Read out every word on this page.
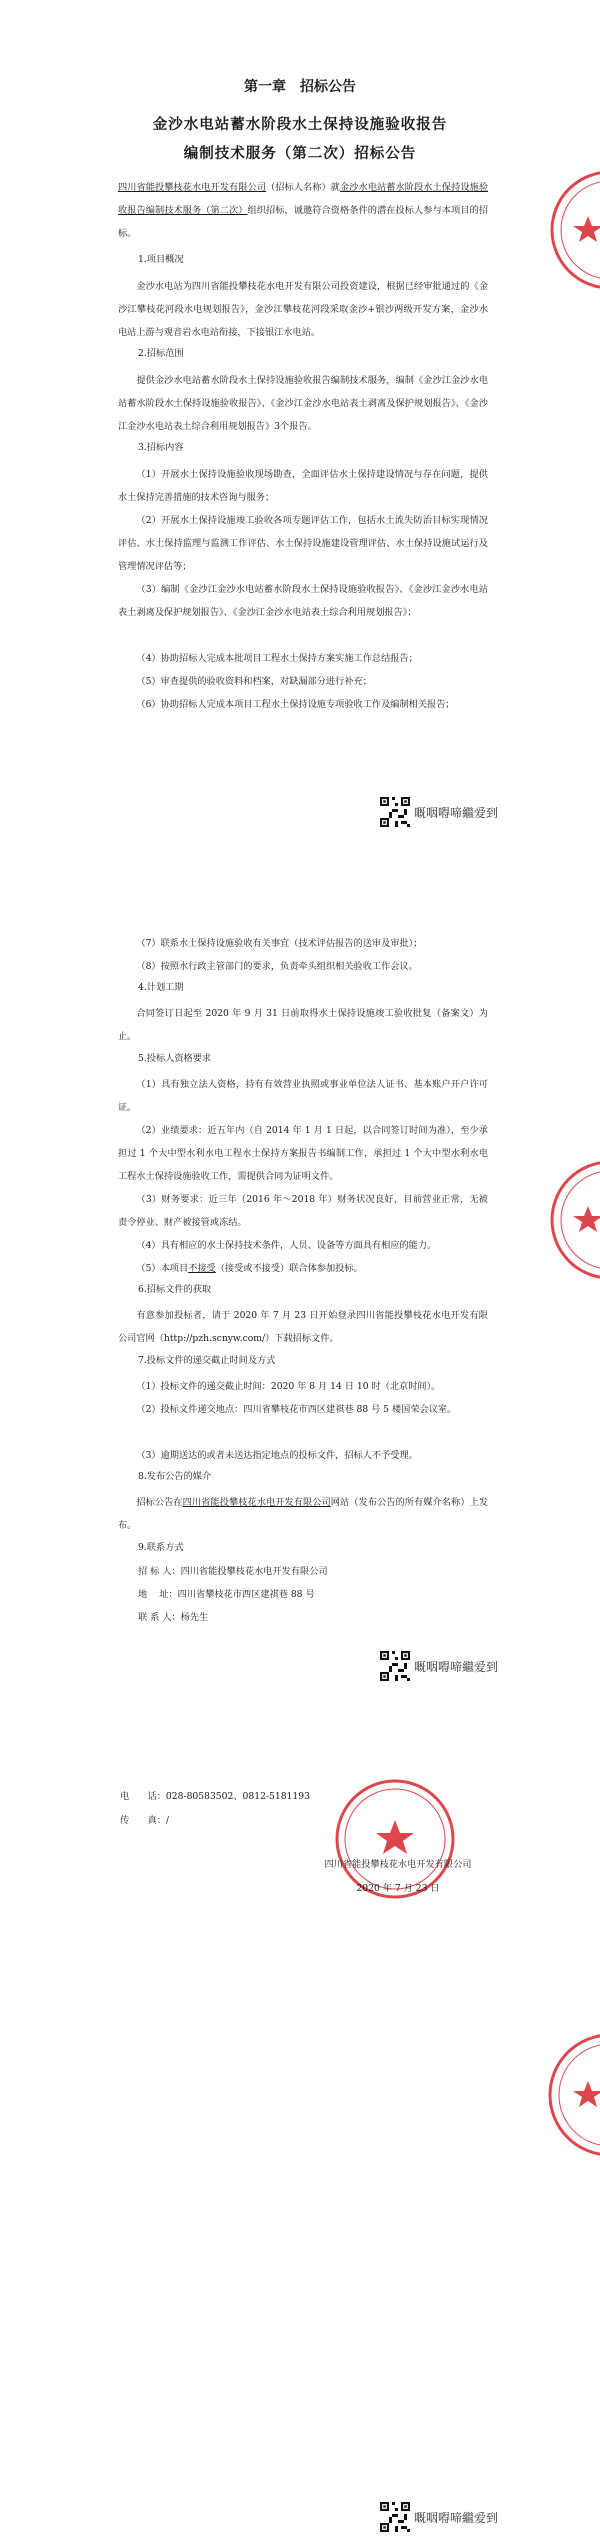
第一章　招标公告
金沙水电站蓄水阶段水土保持设施验收报告
编制技术服务（第二次）招标公告
四川省能投攀枝花水电开发有限公司（招标人名称）就金沙水电站蓄水阶段水土保持设施验收报告编制技术服务（第二次）组织招标，诚邀符合资格条件的潜在投标人参与本项目的招标。
1.项目概况
金沙水电站为四川省能投攀枝花水电开发有限公司投资建设，根据已经审批通过的《金沙江攀枝花河段水电规划报告》，金沙江攀枝花河段采取金沙+银沙两级开发方案，金沙水电站上游与观音岩水电站衔接，下接银江水电站。
2.招标范围
提供金沙水电站蓄水阶段水土保持设施验收报告编制技术服务，编制《金沙江金沙水电站蓄水阶段水土保持设施验收报告》、《金沙江金沙水电站表土剥离及保护规划报告》、《金沙江金沙水电站表土综合利用规划报告》3个报告。
3.招标内容
（1）开展水土保持设施验收现场勘查，全面评估水土保持建设情况与存在问题，提供水土保持完善措施的技术咨询与服务；
（2）开展水土保持设施竣工验收各项专题评估工作，包括水土流失防治目标实现情况评估、水土保持监理与监测工作评估、水土保持设施建设管理评估、水土保持设施试运行及管理情况评估等；
（3）编制《金沙江金沙水电站蓄水阶段水土保持设施验收报告》、《金沙江金沙水电站表土剥离及保护规划报告》、《金沙江金沙水电站表土综合利用规划报告》；
（4）协助招标人完成本批项目工程水土保持方案实施工作总结报告；
（5）审查提供的验收资料和档案，对缺漏部分进行补充；
（6）协助招标人完成本项目工程水土保持设施专项验收工作及编制相关报告；
嘅咽嘚啼繼爱到
（7）联系水土保持设施验收有关事宜（技术评估报告的送审及审批）；
（8）按照水行政主管部门的要求，负责牵头组织相关验收工作会议。
4.计划工期
合同签订日起至 2020 年 9 月 31 日前取得水土保持设施竣工验收批复（备案文）为止。
5.投标人资格要求
（1）具有独立法人资格，持有有效营业执照或事业单位法人证书、基本账户开户许可证。
（2）业绩要求：近五年内（自 2014 年 1 月 1 日起，以合同签订时间为准），至少承担过 1 个大中型水利水电工程水土保持方案报告书编制工作，承担过 1 个大中型水利水电工程水土保持设施验收工作，需提供合同为证明文件。
（3）财务要求：近三年（2016 年～2018 年）财务状况良好，目前营业正常，无被责令停业、财产被接管或冻结。
（4）具有相应的水土保持技术条件，人员、设备等方面具有相应的能力。
（5）本项目不接受（接受或不接受）联合体参加投标。
6.招标文件的获取
有意参加投标者，请于 2020 年 7 月 23 日开始登录四川省能投攀枝花水电开发有限公司官网（http://pzh.scnyw.com/）下载招标文件。
7.投标文件的递交截止时间及方式
（1）投标文件的递交截止时间：2020 年 8 月 14 日 10 时（北京时间）。
（2）投标文件递交地点：四川省攀枝花市西区建祺巷 88 号 5 楼国荣会议室。
（3）逾期送达的或者未送达指定地点的投标文件，招标人不予受理。
8.发布公告的媒介
招标公告在四川省能投攀枝花水电开发有限公司网站（发布公告的所有媒介名称）上发布。
9.联系方式
招 标 人：四川省能投攀枝花水电开发有限公司
地　 址：四川省攀枝花市西区建祺巷 88 号
联 系 人：杨先生
嘅咽嘚啼繼爱到
电　　话：028-80583502、0812-5181193
传　　真：/
四川省能投攀枝花水电开发有限公司
2020 年 7 月 23 日
嘅咽嘚啼繼爱到
